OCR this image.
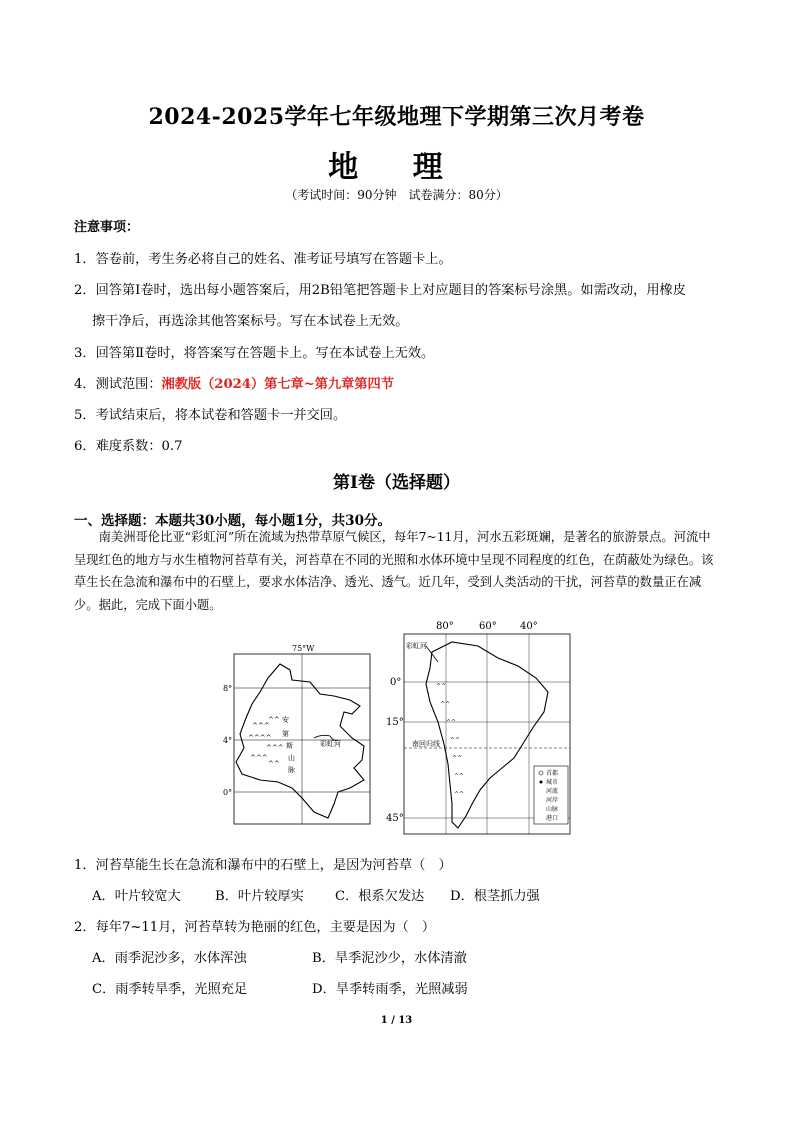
2024-2025学年七年级地理下学期第三次月考卷
地 理
（考试时间：90分钟　试卷满分：80分）
注意事项：
1．答卷前，考生务必将自己的姓名、准考证号填写在答题卡上。
2．回答第Ⅰ卷时，选出每小题答案后，用2B铅笔把答题卡上对应题目的答案标号涂黑。如需改动，用橡皮
擦干净后，再选涂其他答案标号。写在本试卷上无效。
3．回答第Ⅱ卷时，将答案写在答题卡上。写在本试卷上无效。
4．测试范围：湘教版（2024）第七章~第九章第四节
5．考试结束后，将本试卷和答题卡一并交回。
6．难度系数：0.7
第Ⅰ卷（选择题）
一、选择题：本题共30小题，每小题1分，共30分。
南美洲哥伦比亚“彩虹河”所在流域为热带草原气候区，每年7~11月，河水五彩斑斓，是著名的旅游景点。河流中呈现红色的地方与水生植物河苔草有关，河苔草在不同的光照和水体环境中呈现不同程度的红色，在荫蔽处为绿色。该草生长在急流和瀑布中的石壁上，要求水体洁净、透光、透气。近几年，受到人类活动的干扰，河苔草的数量正在减少。据此，完成下面小题。
75°W
8°
4°
0°
彩虹河
^^^
^^
^^^^
^^^
^^^
^^
安
第
斯
山
脉
80°	60° 40°
0°
15°
45°
^^
^^
^^
^^
^^
^^
^^
彩虹河
南回归线
首都
城市
河流
河岸
山脉
港口
1．河苔草能生长在急流和瀑布中的石壁上，是因为河苔草（　）
A．叶片较宽大	B．叶片较厚实 C．根系欠发达 D．根茎抓力强
2．每年7~11月，河苔草转为艳丽的红色，主要是因为（　）
A．雨季泥沙多，水体浑浊	B．旱季泥沙少，水体清澈
C．雨季转旱季，光照充足	D．旱季转雨季，光照减弱
1 / 13
